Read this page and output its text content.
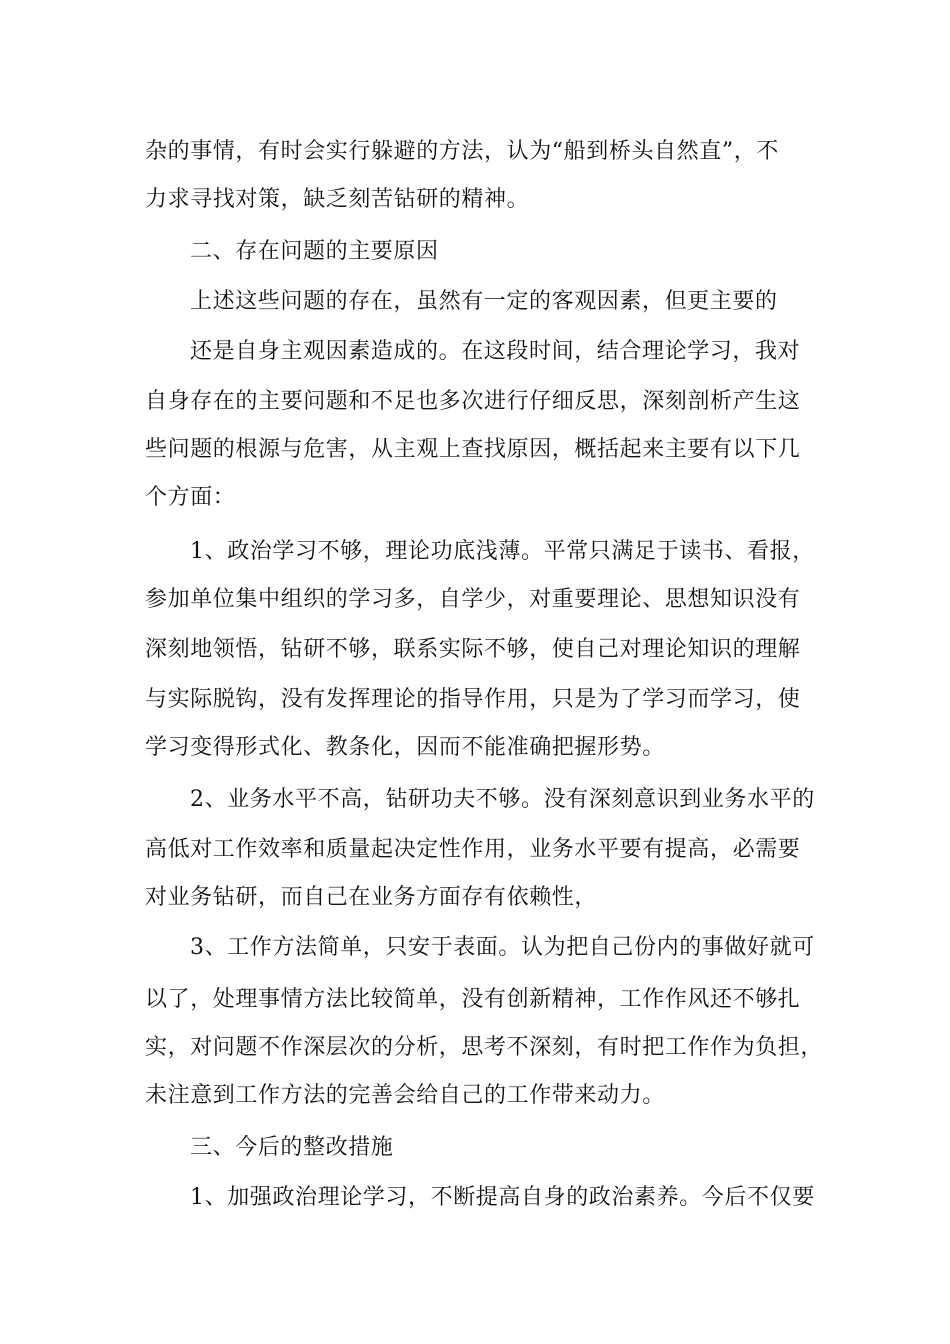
杂的事情，有时会实行躲避的方法，认为“船到桥头自然直”，不
力求寻找对策，缺乏刻苦钻研的精神。
二、存在问题的主要原因
上述这些问题的存在，虽然有一定的客观因素，但更主要的
还是自身主观因素造成的。在这段时间，结合理论学习，我对
自身存在的主要问题和不足也多次进行仔细反思，深刻剖析产生这
些问题的根源与危害，从主观上查找原因，概括起来主要有以下几
个方面：
1、政治学习不够，理论功底浅薄。平常只满足于读书、看报，
参加单位集中组织的学习多，自学少，对重要理论、思想知识没有
深刻地领悟，钻研不够，联系实际不够，使自己对理论知识的理解
与实际脱钩，没有发挥理论的指导作用，只是为了学习而学习，使
学习变得形式化、教条化，因而不能准确把握形势。
2、业务水平不高，钻研功夫不够。没有深刻意识到业务水平的
高低对工作效率和质量起决定性作用，业务水平要有提高，必需要
对业务钻研，而自己在业务方面存有依赖性，
3、工作方法简单，只安于表面。认为把自己份内的事做好就可
以了，处理事情方法比较简单，没有创新精神，工作作风还不够扎
实，对问题不作深层次的分析，思考不深刻，有时把工作作为负担，
未注意到工作方法的完善会给自己的工作带来动力。
三、今后的整改措施
1、加强政治理论学习，不断提高自身的政治素养。今后不仅要
